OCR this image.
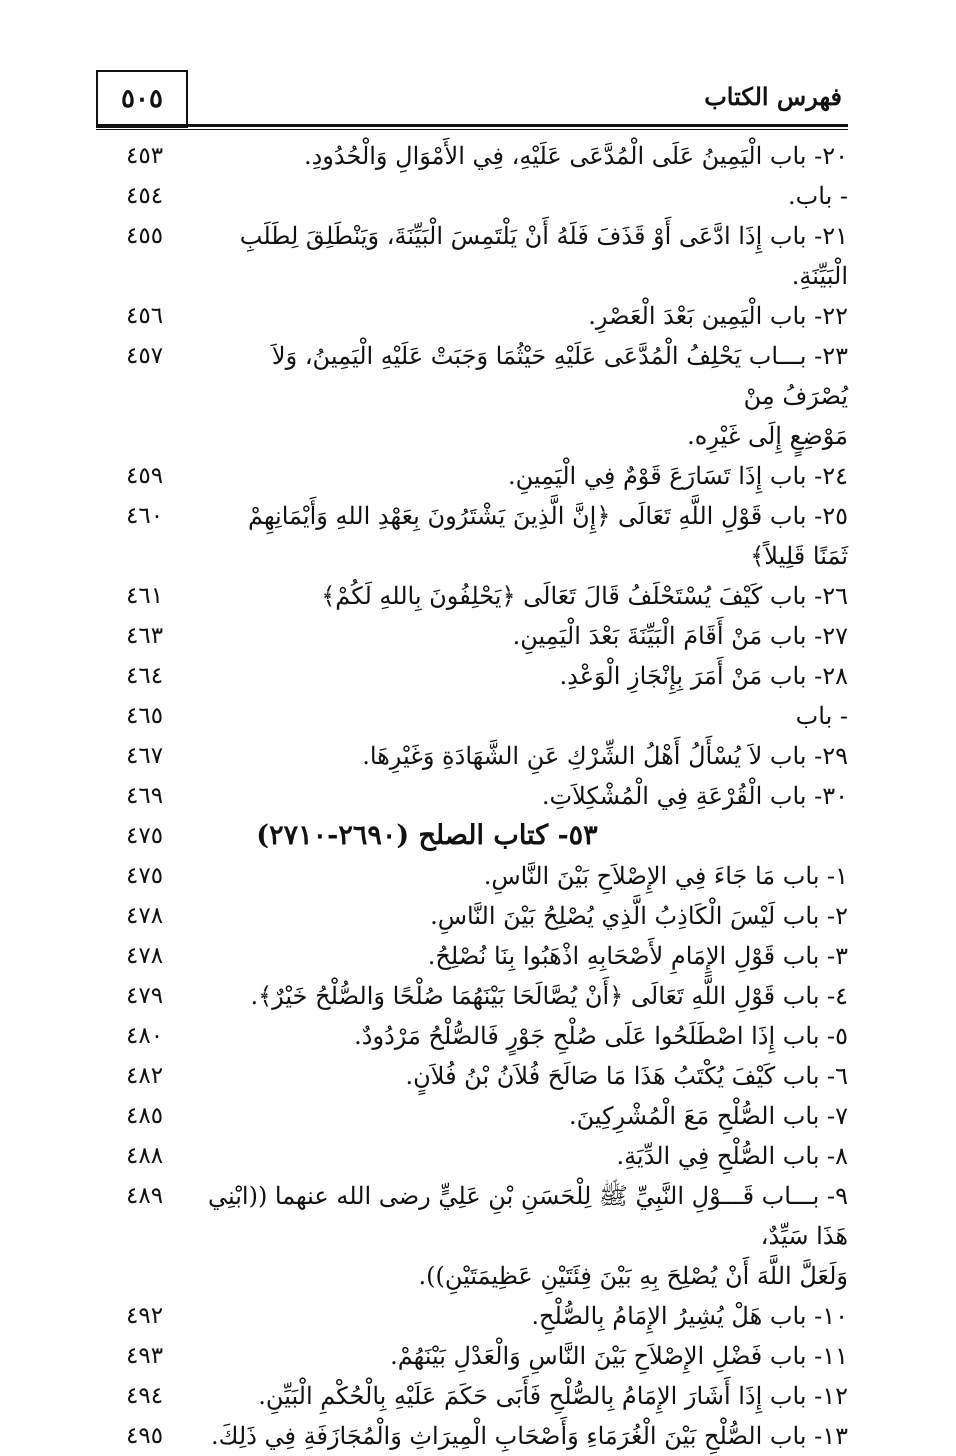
٥٠٥	فهرس الكتاب
٢٠- باب الْيَمِينُ عَلَى الْمُدَّعَى عَلَيْهِ، فِي الأَمْوَالِ وَالْحُدُودِ.
٤٥٣
- باب.
٤٥٤
٢١- باب إِذَا ادَّعَى أَوْ قَذَفَ فَلَهُ أَنْ يَلْتَمِسَ الْبَيِّنَةَ، وَيَنْطَلِقَ لِطَلَبِ الْبَيِّنَةِ.
٤٥٥
٢٢- باب الْيَمِين بَعْدَ الْعَصْرِ.
٤٥٦
٢٣- بـــاب يَحْلِفُ الْمُدَّعَى عَلَيْهِ حَيْثُمَا وَجَبَتْ عَلَيْهِ الْيَمِينُ، وَلاَ يُصْرَفُ مِنْ
مَوْضِعٍ إِلَى غَيْرِه.
٤٥٧
٢٤- باب إِذَا تَسَارَعَ قَوْمٌ فِي الْيَمِينِ.
٤٥٩
٢٥- باب قَوْلِ اللَّهِ تَعَالَى ﴿إِنَّ الَّذِينَ يَشْتَرُونَ بِعَهْدِ اللهِ وَأَيْمَانِهِمْ ثَمَنًا قَلِيلاً﴾
٤٦٠
٢٦- باب كَيْفَ يُسْتَحْلَفُ قَالَ تَعَالَى ﴿يَحْلِفُونَ بِاللهِ لَكُمْ﴾
٤٦١
٢٧- باب مَنْ أَقَامَ الْبَيِّنَةَ بَعْدَ الْيَمِينِ.
٤٦٣
٢٨- باب مَنْ أَمَرَ بِإِنْجَازِ الْوَعْدِ.
٤٦٤
- باب
٤٦٥
٢٩- باب لاَ يُسْأَلُ أَهْلُ الشِّرْكِ عَنِ الشَّهَادَةِ وَغَيْرِهَا.
٤٦٧
٣٠- باب الْقُرْعَةِ فِي الْمُشْكِلاَتِ.
٤٦٩
٥٣- كتاب الصلح (٢٦٩٠-٢٧١٠)
٤٧٥
١- باب مَا جَاءَ فِي الإِصْلاَحِ بَيْنَ النَّاسِ.
٤٧٥
٢- باب لَيْسَ الْكَاذِبُ الَّذِي يُصْلِحُ بَيْنَ النَّاسِ.
٤٧٨
٣- باب قَوْلِ الإِمَامِ لأَصْحَابِهِ اذْهَبُوا بِنَا نُصْلِحُ.
٤٧٨
٤- باب قَوْلِ اللَّهِ تَعَالَى ﴿أَنْ يُصَّالَحَا بَيْنَهُمَا صُلْحًا وَالصُّلْحُ خَيْرٌ﴾.
٤٧٩
٥- باب إِذَا اصْطَلَحُوا عَلَى صُلْحِ جَوْرٍ فَالصُّلْحُ مَرْدُودٌ.
٤٨٠
٦- باب كَيْفَ يُكْتَبُ هَذَا مَا صَالَحَ فُلاَنُ بْنُ فُلاَنٍ.
٤٨٢
٧- باب الصُّلْحِ مَعَ الْمُشْرِكِينَ.
٤٨٥
٨- باب الصُّلْحِ فِي الدِّيَةِ.
٤٨٨
٩- بـــاب قَـــوْلِ النَّبِيِّ ﷺ لِلْحَسَنِ بْنِ عَلِيٍّ رضى الله عنهما ((ابْنِي هَذَا سَيِّدٌ،
وَلَعَلَّ اللَّهَ أَنْ يُصْلِحَ بِهِ بَيْنَ فِئَتَيْنِ عَظِيمَتَيْنِ)).
٤٨٩
١٠- باب هَلْ يُشِيرُ الإِمَامُ بِالصُّلْحِ.
٤٩٢
١١- باب فَضْلِ الإِصْلاَحِ بَيْنَ النَّاسِ وَالْعَدْلِ بَيْنَهُمْ.
٤٩٣
١٢- باب إِذَا أَشَارَ الإِمَامُ بِالصُّلْحِ فَأَبَى حَكَمَ عَلَيْهِ بِالْحُكْمِ الْبَيِّنِ.
٤٩٤
١٣- باب الصُّلْحِ بَيْنَ الْغُرَمَاءِ وَأَصْحَابِ الْمِيرَاثِ وَالْمُجَازَفَةِ فِي ذَلِكَ.
٤٩٥
